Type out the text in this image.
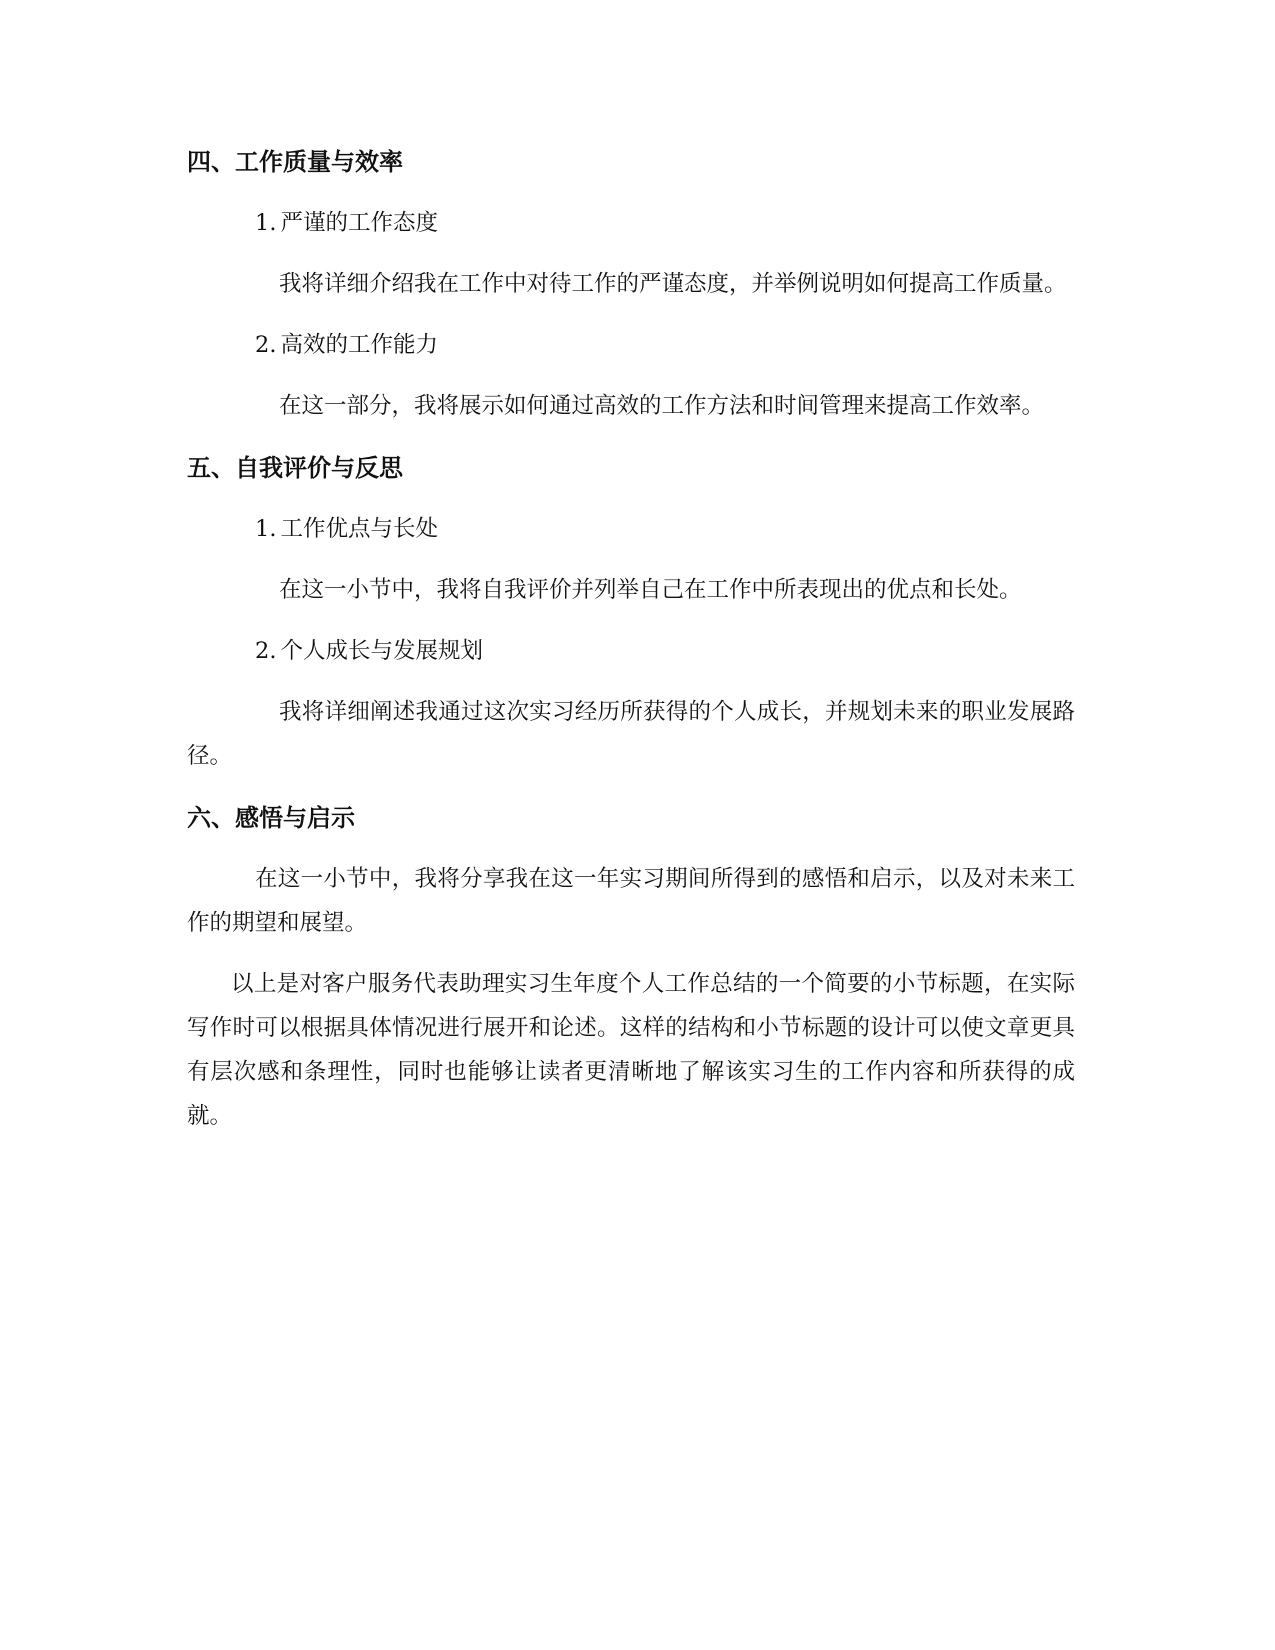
四、工作质量与效率
1. 严谨的工作态度

我将详细介绍我在工作中对待工作的严谨态度，并举例说明如何提高工作质量。

2. 高效的工作能力

在这一部分，我将展示如何通过高效的工作方法和时间管理来提高工作效率。

五、自我评价与反思
1. 工作优点与长处

在这一小节中，我将自我评价并列举自己在工作中所表现出的优点和长处。

2. 个人成长与发展规划

我将详细阐述我通过这次实习经历所获得的个人成长，并规划未来的职业发展路径。

六、感悟与启示

在这一小节中，我将分享我在这一年实习期间所得到的感悟和启示，以及对未来工作的期望和展望。

以上是对客户服务代表助理实习生年度个人工作总结的一个简要的小节标题，在实际写作时可以根据具体情况进行展开和论述。这样的结构和小节标题的设计可以使文章更具有层次感和条理性，同时也能够让读者更清晰地了解该实习生的工作内容和所获得的成就。
